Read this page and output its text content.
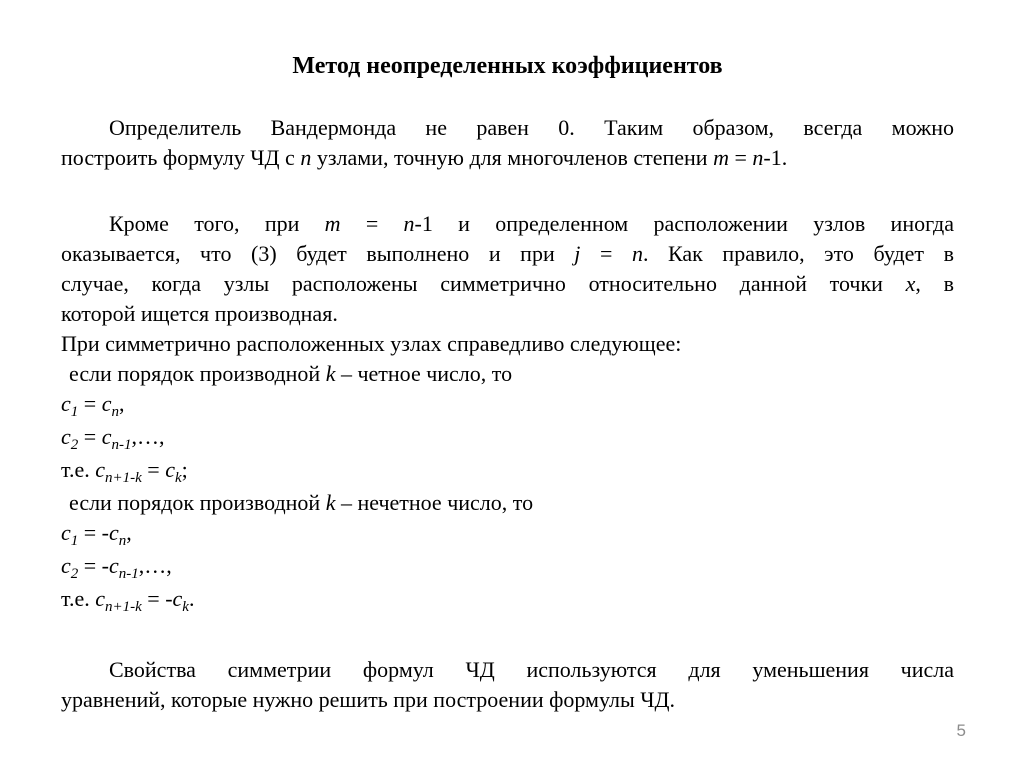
Метод неопределенных коэффициентов
Определитель Вандермонда не равен 0. Таким образом, всегда можно
построить формулу ЧД с n узлами, точную для многочленов степени m = n-1.
Кроме того, при m = n-1 и определенном расположении узлов иногда
оказывается, что (3) будет выполнено и при j = n. Как правило, это будет в
случае, когда узлы расположены симметрично относительно данной точки x, в
которой ищется производная.
При симметрично расположенных узлах справедливо следующее:
если порядок производной k – четное число, то
$c_1 = c_n$,
$c_2$ = $c_{n-1},\dots$,
т.е. $c_{n+1-k} = c_k$;
если порядок производной k – нечетное число, то
$c_1 = -c_n$,
$c_2$ = $-c_{n-1},\dots$,
т.е. $c_{n+1-k} = -c_k$.
Свойства симметрии формул ЧД используются для уменьшения числа
уравнений, которые нужно решить при построении формулы ЧД.
5
